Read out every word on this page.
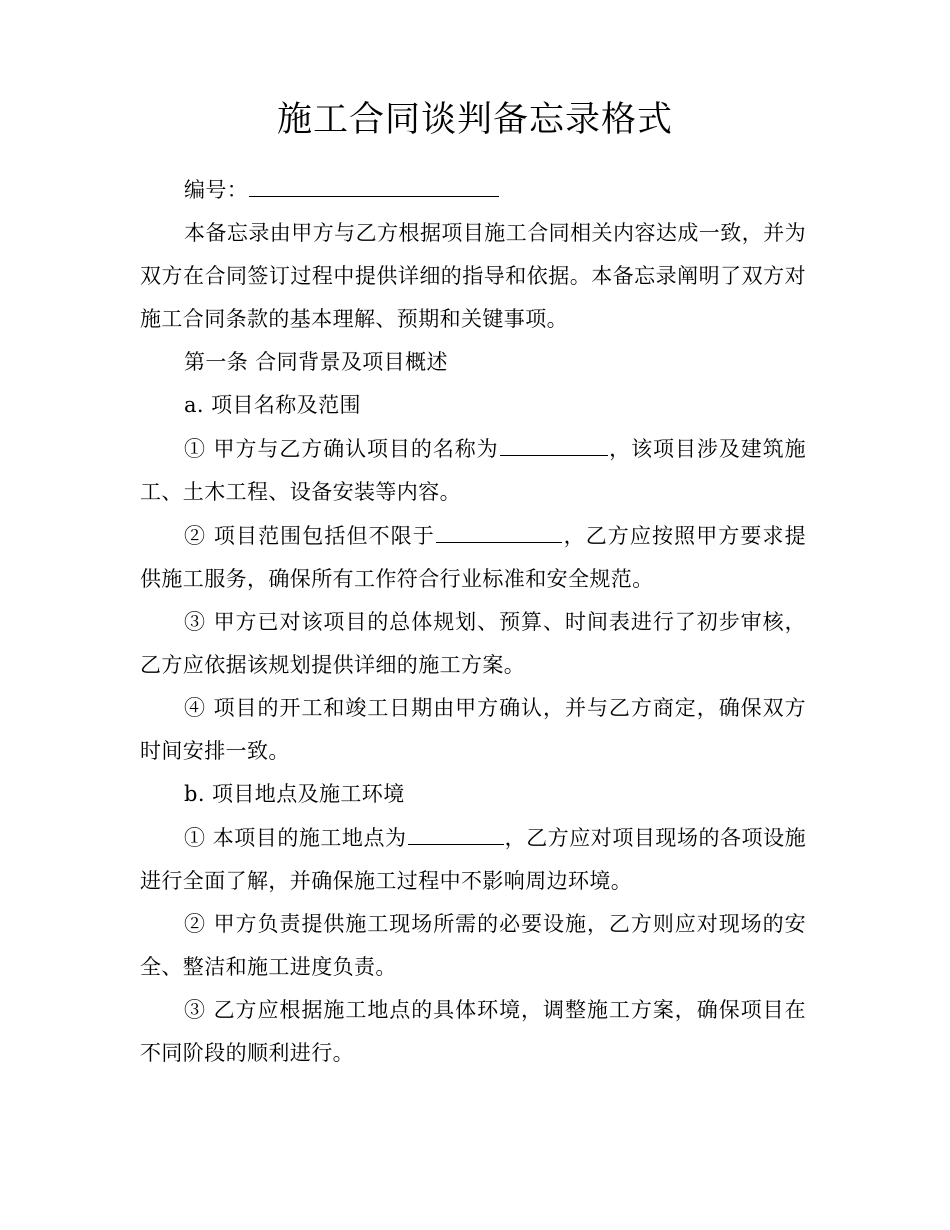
施工合同谈判备忘录格式

编号：

本备忘录由甲方与乙方根据项目施工合同相关内容达成一致，并为双方在合同签订过程中提供详细的指导和依据。本备忘录阐明了双方对施工合同条款的基本理解、预期和关键事项。

第一条 合同背景及项目概述

a. 项目名称及范围

① 甲方与乙方确认项目的名称为	，该项目涉及建筑施工、土木工程、设备安装等内容。

② 项目范围包括但不限于	，乙方应按照甲方要求提供施工服务，确保所有工作符合行业标准和安全规范。

③ 甲方已对该项目的总体规划、预算、时间表进行了初步审核，乙方应依据该规划提供详细的施工方案。

④ 项目的开工和竣工日期由甲方确认，并与乙方商定，确保双方时间安排一致。

b. 项目地点及施工环境

① 本项目的施工地点为	，乙方应对项目现场的各项设施进行全面了解，并确保施工过程中不影响周边环境。

② 甲方负责提供施工现场所需的必要设施，乙方则应对现场的安全、整洁和施工进度负责。

③ 乙方应根据施工地点的具体环境，调整施工方案，确保项目在不同阶段的顺利进行。
